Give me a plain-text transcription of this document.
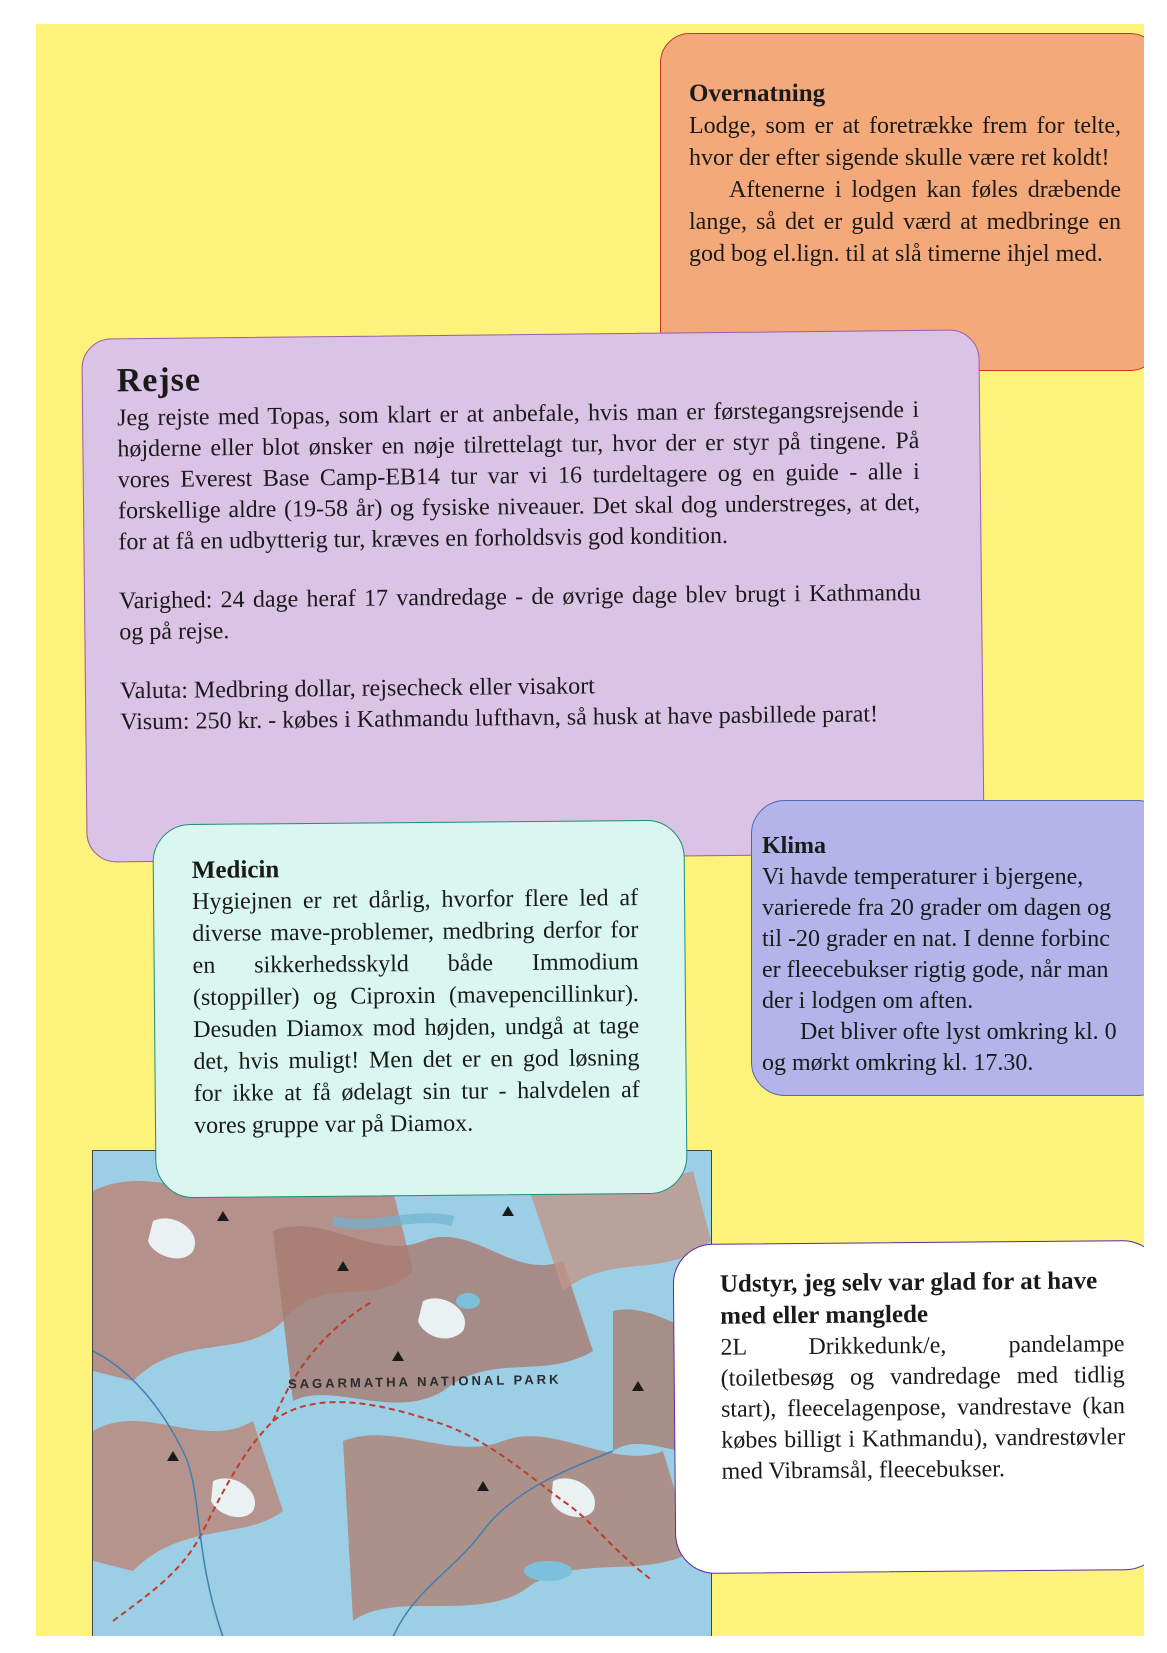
Overnatning

Lodge, som er at foretrække frem for telte, hvor der efter sigende skulle være ret koldt!

Aftenerne i lodgen kan føles dræbende lange, så det er guld værd at medbringe en god bog el.lign. til at slå timerne ihjel med.

Rejse

Jeg rejste med Topas, som klart er at anbefale, hvis man er førstegangsrejsende i højderne eller blot ønsker en nøje tilrettelagt tur, hvor der er styr på tingene. På vores Everest Base Camp-EB14 tur var vi 16 turdeltagere og en guide - alle i forskellige aldre (19-58 år) og fysiske niveauer. Det skal dog understreges, at det, for at få en udbytterig tur, kræves en forholdsvis god kondition.

Varighed: 24 dage heraf 17 vandredage - de øvrige dage blev brugt i Kathmandu og på rejse.

Valuta: Medbring dollar, rejsecheck eller visakort

Visum: 250 kr. - købes i Kathmandu lufthavn, så husk at have pasbillede parat!

Klima

Vi havde temperaturer i bjergene,

varierede fra 20 grader om dagen og

til -20 grader en nat. I denne forbinc

er fleecebukser rigtig gode, når man

der i lodgen om aften.

Det bliver ofte lyst omkring kl. 0

og mørkt omkring kl. 17.30.

SAGARMATHA NATIONAL PARK

Medicin

Hygiejnen er ret dårlig, hvorfor flere led af diverse mave-problemer, medbring derfor for en sikkerhedsskyld både Immodium (stoppiller) og Ciproxin (mavepencillinkur). Desuden Diamox mod højden, undgå at tage det, hvis muligt! Men det er en god løsning for ikke at få ødelagt sin tur - halvdelen af vores gruppe var på Diamox.

Udstyr, jeg selv var glad for at have med eller manglede

2L Drikkedunk/e, pandelampe (toiletbesøg og vandredage med tidlig start), fleecelagenpose, vandrestave (kan købes billigt i Kathmandu), vandrestøvler med Vibramsål, fleecebukser.
